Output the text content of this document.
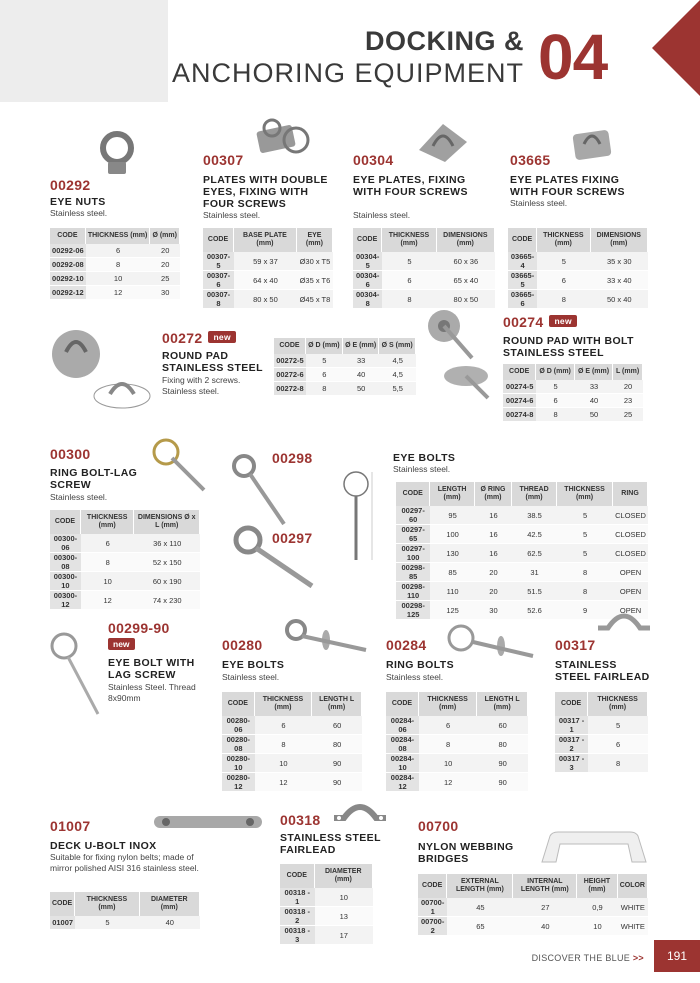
DOCKING &
ANCHORING EQUIPMENT 04
00292
EYE NUTS
Stainless steel.
CODE	THICKNESS (mm)	Ø (mm)
00292-06	6	20
00292-08	8	20
00292-10	10	25
00292-12	12	30
00307
PLATES WITH DOUBLE EYES, FIXING WITH FOUR SCREWS
Stainless steel.
CODE	BASE PLATE (mm)	EYE (mm)
00307-5	59 x 37	Ø30 x T5
00307-6	64 x 40	Ø35 x T6
00307-8	80 x 50	Ø45 x T8
00304
EYE PLATES, FIXING WITH FOUR SCREWS
Stainless steel.
CODE	THICKNESS (mm)	DIMENSIONS (mm)
00304-5	5	60 x 36
00304-6	6	65 x 40
00304-8	8	80 x 50
03665
EYE PLATES FIXING WITH FOUR SCREWS
Stainless steel.
CODE	THICKNESS (mm)	DIMENSIONS (mm)
03665-4	5	35 x 30
03665-5	6	33 x 40
03665-6	8	50 x 40
00272 new
ROUND PAD STAINLESS STEEL
Fixing with 2 screws. Stainless steel.
CODE	Ø D (mm)	Ø E (mm)	Ø S (mm)
00272-5	5	33	4,5
00272-6	6	40	4,5
00272-8	8	50	5,5
00274 new
ROUND PAD WITH BOLT STAINLESS STEEL
CODE	Ø D (mm)	Ø E (mm)	L (mm)
00274-5	5	33	20
00274-6	6	40	23
00274-8	8	50	25
00300
RING BOLT-LAG SCREW
Stainless steel.
CODE	THICKNESS (mm)	DIMENSIONS Ø x L (mm)
00300-06	6	36 x 110
00300-08	8	52 x 150
00300-10	10	60 x 190
00300-12	12	74 x 230
00298
00297
EYE BOLTS
Stainless steel.
CODE	LENGTH (mm)	Ø RING (mm)	THREAD (mm)	THICKNESS (mm)	RING
00297-60	95	16	38.5	5	CLOSED
00297-65	100	16	42.5	5	CLOSED
00297-100	130	16	62.5	5	CLOSED
00298-85	85	20	31	8	OPEN
00298-110	110	20	51.5	8	OPEN
00298-125	125	30	52.6	9	OPEN
00299-90
new
EYE BOLT WITH LAG SCREW
Stainless Steel. Thread 8x90mm
00280
EYE BOLTS
Stainless steel.
CODE	THICKNESS (mm)	LENGTH L (mm)
00280-06	6	60
00280-08	8	80
00280-10	10	90
00280-12	12	90
00284
RING BOLTS
Stainless steel.
CODE	THICKNESS (mm)	LENGTH L (mm)
00284-06	6	60
00284-08	8	80
00284-10	10	90
00284-12	12	90
00317
STAINLESS STEEL FAIRLEAD
CODE	THICKNESS (mm)
00317 - 1	5
00317 - 2	6
00317 - 3	8
01007
DECK U-BOLT INOX
Suitable for fixing nylon belts; made of mirror polished AISI 316 stainless steel.
CODE	THICKNESS (mm)	DIAMETER (mm)
01007	5	40
00318
STAINLESS STEEL FAIRLEAD
CODE	DIAMETER (mm)
00318 - 1	10
00318 - 2	13
00318 - 3	17
00700
NYLON WEBBING BRIDGES
CODE	EXTERNAL LENGTH (mm)	INTERNAL LENGTH (mm)	HEIGHT (mm)	COLOR
00700-1	45	27	0,9	WHITE
00700-2	65	40	10	WHITE
DISCOVER THE BLUE >>	191
